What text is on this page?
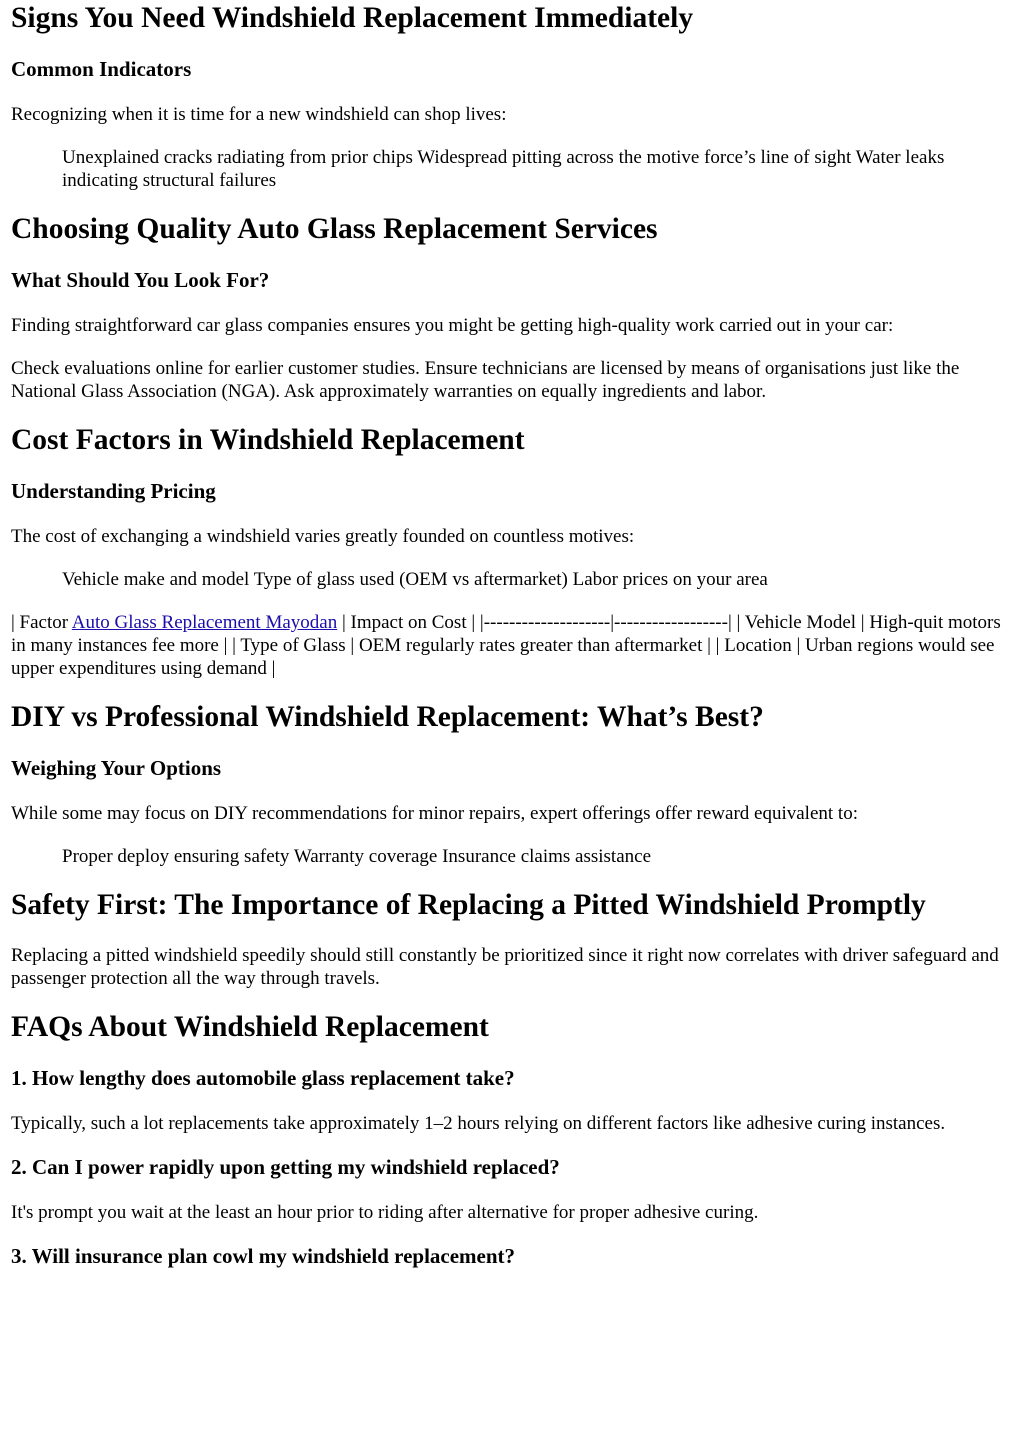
Signs You Need Windshield Replacement Immediately
Common Indicators

Recognizing when it is time for a new windshield can shop lives:

Unexplained cracks radiating from prior chips Widespread pitting across the motive force’s line of sight Water leaks indicating structural failures
Choosing Quality Auto Glass Replacement Services
What Should You Look For?

Finding straightforward car glass companies ensures you might be getting high-quality work carried out in your car:

Check evaluations online for earlier customer studies. Ensure technicians are licensed by means of organisations just like the National Glass Association (NGA). Ask approximately warranties on equally ingredients and labor.

Cost Factors in Windshield Replacement
Understanding Pricing

The cost of exchanging a windshield varies greatly founded on countless motives:

Vehicle make and model Type of glass used (OEM vs aftermarket) Labor prices on your area

| Factor Auto Glass Replacement Mayodan | Impact on Cost | |--------------------|------------------| | Vehicle Model | High-quit motors in many instances fee more | | Type of Glass | OEM regularly rates greater than aftermarket | | Location | Urban regions would see upper expenditures using demand |

DIY vs Professional Windshield Replacement: What’s Best?
Weighing Your Options

While some may focus on DIY recommendations for minor repairs, expert offerings offer reward equivalent to:

Proper deploy ensuring safety Warranty coverage Insurance claims assistance
Safety First: The Importance of Replacing a Pitted Windshield Promptly

Replacing a pitted windshield speedily should still constantly be prioritized since it right now correlates with driver safeguard and passenger protection all the way through travels.

FAQs About Windshield Replacement
1. How lengthy does automobile glass replacement take?

Typically, such a lot replacements take approximately 1–2 hours relying on different factors like adhesive curing instances.

2. Can I power rapidly upon getting my windshield replaced?

It's prompt you wait at the least an hour prior to riding after alternative for proper adhesive curing.

3. Will insurance plan cowl my windshield replacement?
